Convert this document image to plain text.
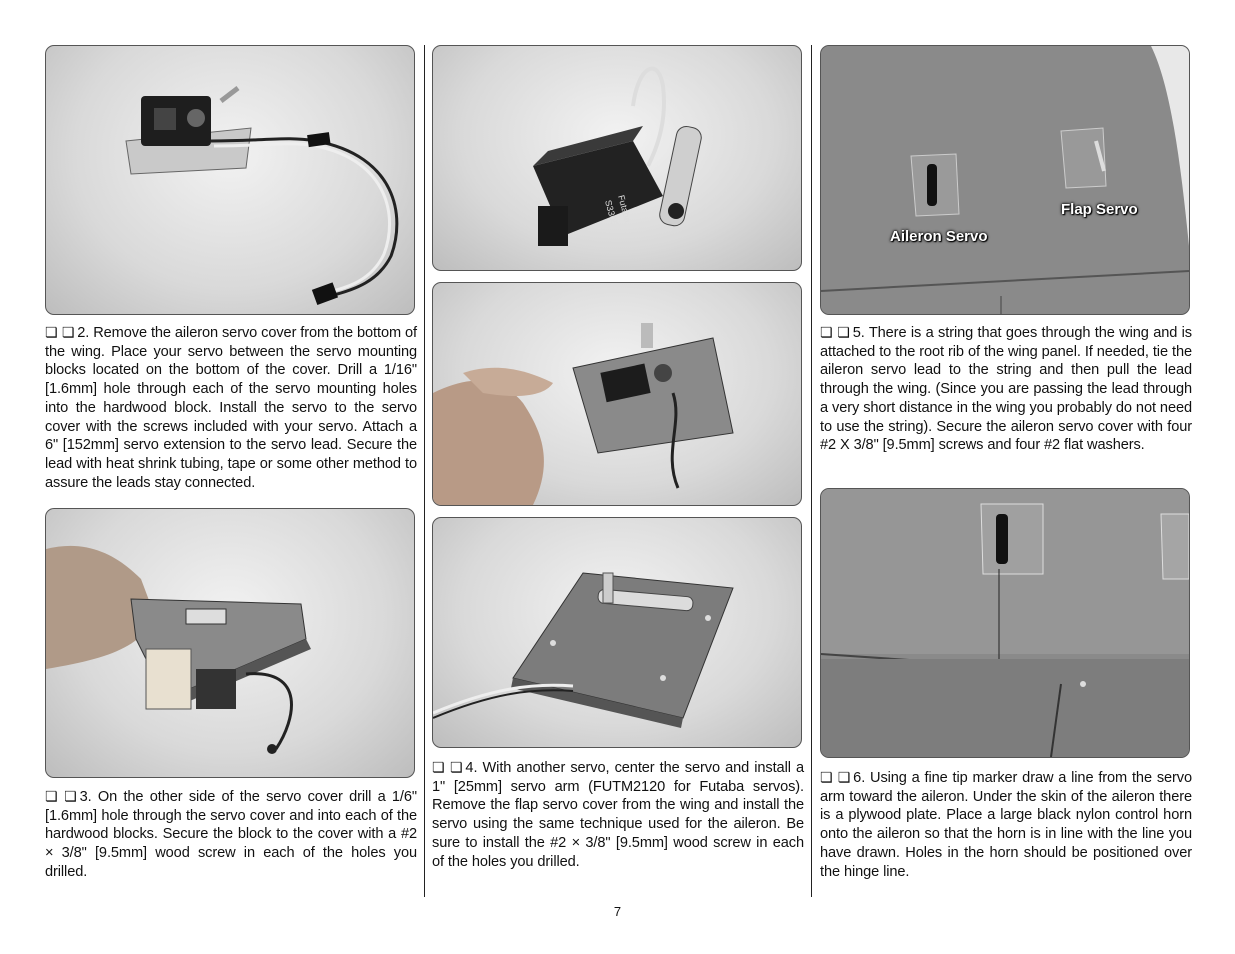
❏ ❏ 2. Remove the aileron servo cover from the bottom of the wing. Place your servo between the servo mounting blocks located on the bottom of the cover. Drill a 1/16" [1.6mm] hole through each of the servo mounting holes into the hardwood block. Install the servo to the servo cover with the screws included with your servo. Attach a 6" [152mm] servo extension to the servo lead. Secure the lead with heat shrink tubing, tape or some other method to assure the leads stay connected.
❏ ❏ 3. On the other side of the servo cover drill a 1/6" [1.6mm] hole through the servo cover and into each of the hardwood blocks. Secure the block to the cover with a #2 × 3/8" [9.5mm] wood screw in each of the holes you drilled.
Futaba
S3305
❏ ❏ 4. With another servo, center the servo and install a 1" [25mm] servo arm (FUTM2120 for Futaba servos). Remove the flap servo cover from the wing and install the servo using the same technique used for the aileron. Be sure to install the #2 × 3/8" [9.5mm] wood screw in each of the holes you drilled.
Flap Servo
Aileron Servo
❏ ❏ 5. There is a string that goes through the wing and is attached to the root rib of the wing panel. If needed, tie the aileron servo lead to the string and then pull the lead through the wing. (Since you are passing the lead through a very short distance in the wing you probably do not need to use the string). Secure the aileron servo cover with four #2 X 3/8" [9.5mm] screws and four #2 flat washers.
❏ ❏ 6. Using a fine tip marker draw a line from the servo arm toward the aileron. Under the skin of the aileron there is a plywood plate. Place a large black nylon control horn onto the aileron so that the horn is in line with the line you have drawn. Holes in the horn should be positioned over the hinge line.
7
